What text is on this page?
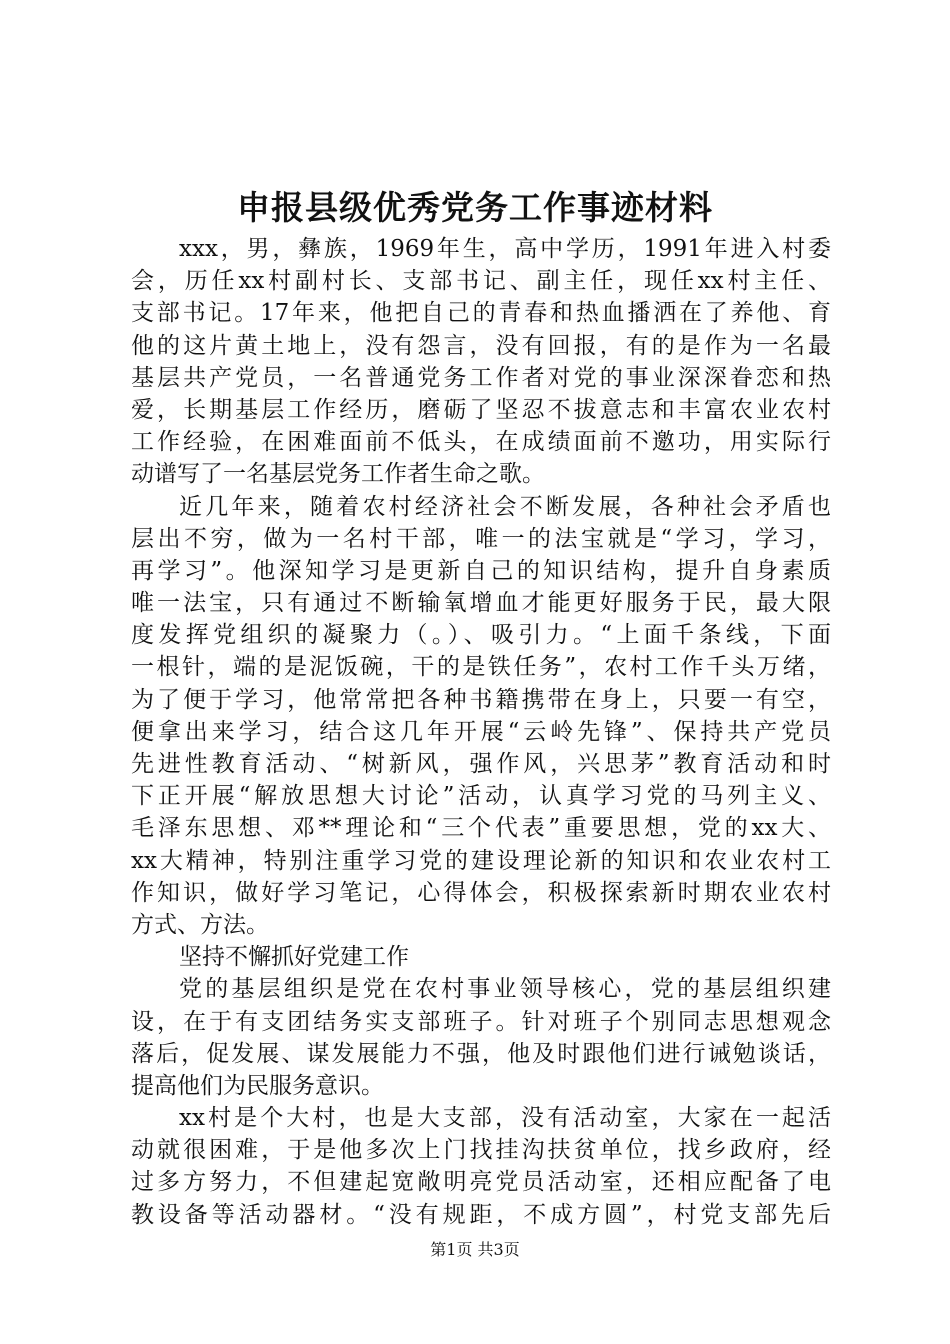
申报县级优秀党务工作事迹材料
xxx，男，彝族，1969年生，高中学历，1991年进入村委
会，历任xx村副村长、支部书记、副主任，现任xx村主任、
支部书记。17年来，他把自己的青春和热血播洒在了养他、育
他的这片黄土地上，没有怨言，没有回报，有的是作为一名最
基层共产党员，一名普通党务工作者对党的事业深深眷恋和热
爱，长期基层工作经历，磨砺了坚忍不拔意志和丰富农业农村
工作经验，在困难面前不低头，在成绩面前不邀功，用实际行
动谱写了一名基层党务工作者生命之歌。
近几年来，随着农村经济社会不断发展，各种社会矛盾也
层出不穷，做为一名村干部，唯一的法宝就是“学习，学习，
再学习”。他深知学习是更新自己的知识结构，提升自身素质
唯一法宝，只有通过不断输氧增血才能更好服务于民，最大限
度发挥党组织的凝聚力（。）、吸引力。“上面千条线，下面
一根针，端的是泥饭碗，干的是铁任务”，农村工作千头万绪，
为了便于学习，他常常把各种书籍携带在身上，只要一有空，
便拿出来学习，结合这几年开展“云岭先锋”、保持共产党员
先进性教育活动、“树新风，强作风，兴思茅”教育活动和时
下正开展“解放思想大讨论”活动，认真学习党的马列主义、
毛泽东思想、邓**理论和“三个代表”重要思想，党的xx大、
xx大精神，特别注重学习党的建设理论新的知识和农业农村工
作知识，做好学习笔记，心得体会，积极探索新时期农业农村
方式、方法。
坚持不懈抓好党建工作
党的基层组织是党在农村事业领导核心，党的基层组织建
设，在于有支团结务实支部班子。针对班子个别同志思想观念
落后，促发展、谋发展能力不强，他及时跟他们进行诫勉谈话，
提高他们为民服务意识。
xx村是个大村，也是大支部，没有活动室，大家在一起活
动就很困难，于是他多次上门找挂沟扶贫单位，找乡政府，经
过多方努力，不但建起宽敞明亮党员活动室，还相应配备了电
教设备等活动器材。“没有规距，不成方圆”，村党支部先后
第1页 共3页
